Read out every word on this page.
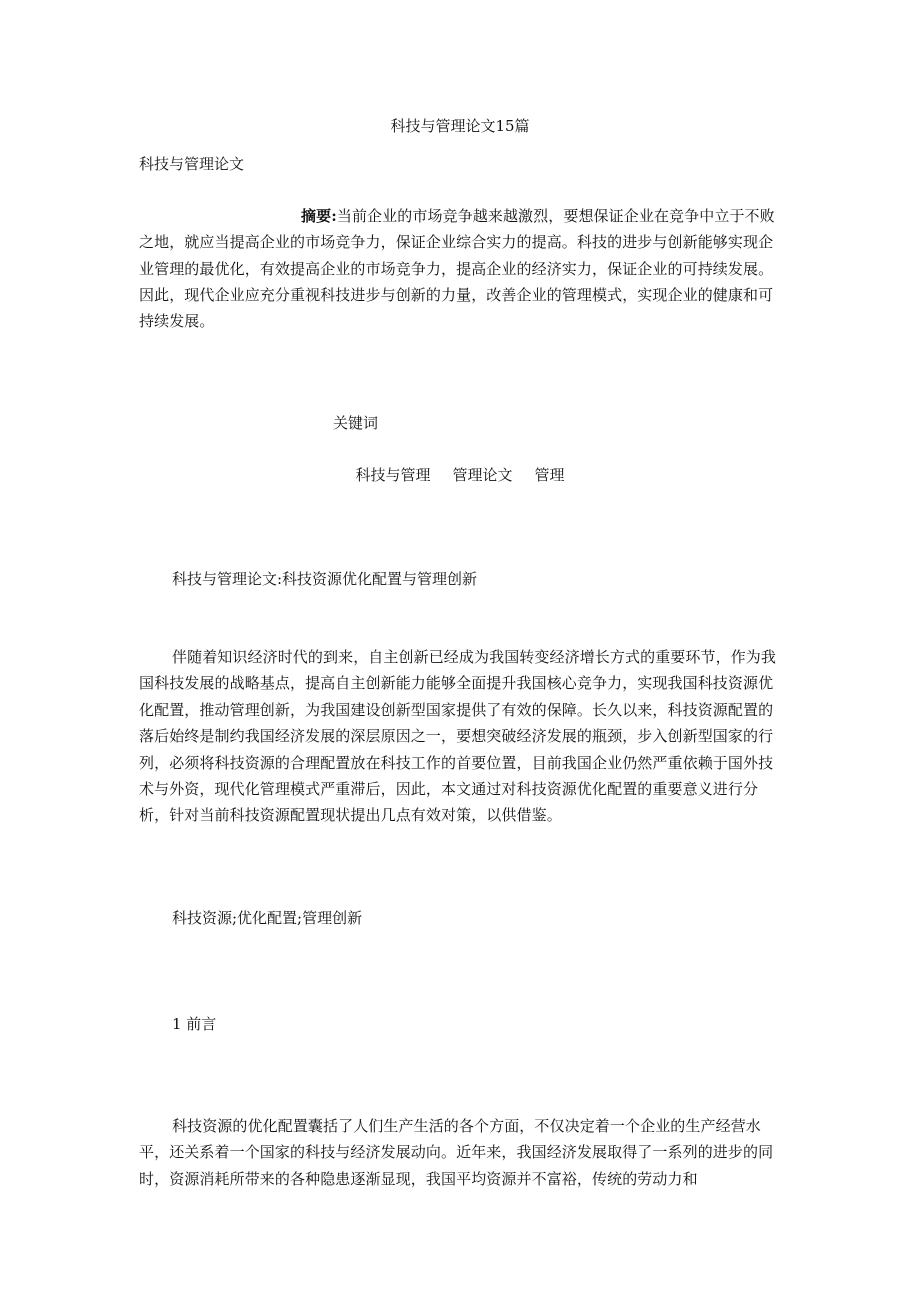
科技与管理论文15篇
科技与管理论文
摘要:当前企业的市场竞争越来越激烈，要想保证企业在竞争中立于不败之地，就应当提高企业的市场竞争力，保证企业综合实力的提高。科技的进步与创新能够实现企业管理的最优化，有效提高企业的市场竞争力，提高企业的经济实力，保证企业的可持续发展。因此，现代企业应充分重视科技进步与创新的力量，改善企业的管理模式，实现企业的健康和可持续发展。
关键词
科技与管理 管理论文 管理
科技与管理论文:科技资源优化配置与管理创新
伴随着知识经济时代的到来，自主创新已经成为我国转变经济增长方式的重要环节，作为我国科技发展的战略基点，提高自主创新能力能够全面提升我国核心竞争力，实现我国科技资源优化配置，推动管理创新，为我国建设创新型国家提供了有效的保障。长久以来，科技资源配置的落后始终是制约我国经济发展的深层原因之一，要想突破经济发展的瓶颈，步入创新型国家的行列，必须将科技资源的合理配置放在科技工作的首要位置，目前我国企业仍然严重依赖于国外技术与外资，现代化管理模式严重滞后，因此，本文通过对科技资源优化配置的重要意义进行分析，针对当前科技资源配置现状提出几点有效对策，以供借鉴。
科技资源;优化配置;管理创新
1 前言
科技资源的优化配置囊括了人们生产生活的各个方面，不仅决定着一个企业的生产经营水平，还关系着一个国家的科技与经济发展动向。近年来，我国经济发展取得了一系列的进步的同时，资源消耗所带来的各种隐患逐渐显现，我国平均资源并不富裕，传统的劳动力和
